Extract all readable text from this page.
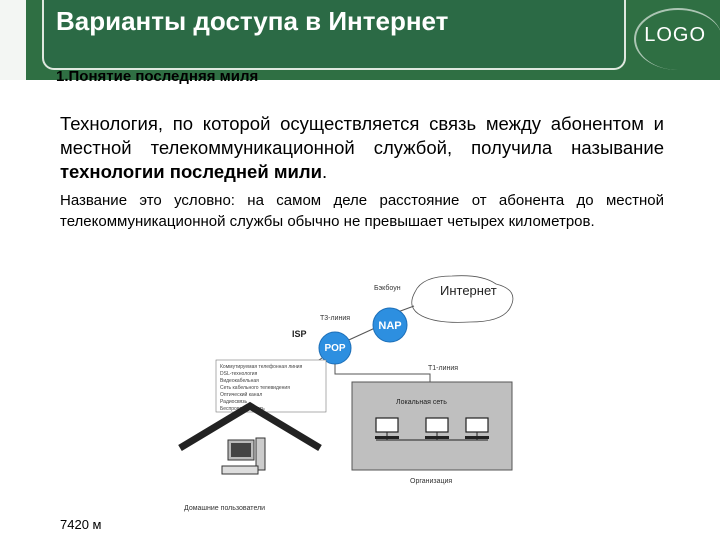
Варианты доступа в Интернет	LOGO
1.Понятие последняя миля
Технология, по которой осуществляется связь между абонентом и местной телекоммуникационной службой, получила называние технологии последней мили.
Название это условно: на самом деле расстояние от абонента до местной телекоммуникационной службы обычно не превышает четырех километров.
Интернет
Бэкбоун
Т3-линия
NAP
ISP
POP
Т1-линия
Коммутируемая телефонная линия
DSL-технология
Видеокабельная
Сеть кабельного телевидения
Оптический канал
Радиосвязь
Беспроводная сеть
Домашние пользователи
Локальная сеть
Организация
7420 м
